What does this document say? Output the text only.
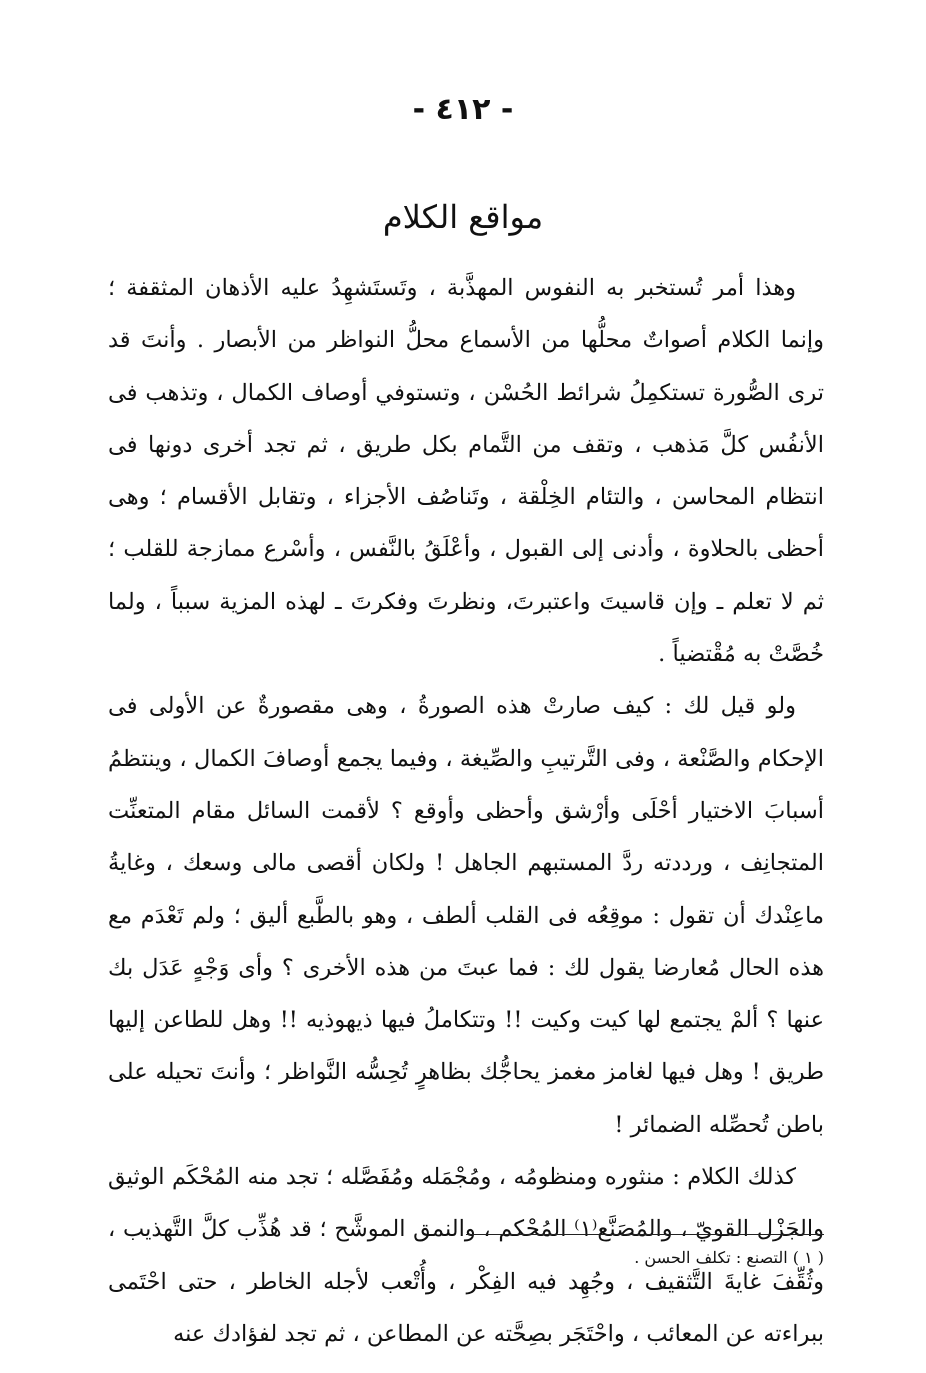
- ٤١٢ -
مواقع الكلام

وهذا أمر تُستخبر به النفوس المهذَّبة ، وتَستَشهِدُ عليه الأذهان المثقفة ؛ وإنما الكلام أصواتٌ محلُّها من الأسماع محلُّ النواظر من الأبصار . وأنتَ قد ترى الصُّورة تستكمِلُ شرائط الحُسْن ، وتستوفي أوصاف الكمال ، وتذهب فى الأنفُس كلَّ مَذهب ، وتقف من التَّمام بكل طريق ، ثم تجد أخرى دونها فى انتظام المحاسن ، والتئام الخِلْقة ، وتَناصُف الأجزاء ، وتقابل الأقسام ؛ وهى أحظى بالحلاوة ، وأدنى إلى القبول ، وأعْلَقُ بالنَّفس ، وأسْرع ممازجة للقلب ؛ ثم لا تعلم ـ وإن قاسيتَ واعتبرتَ، ونظرتَ وفكرتَ ـ لهذه المزية سبباً ، ولما خُصَّتْ به مُقْتضياً .

ولو قيل لك : كيف صارتْ هذه الصورةُ ، وهى مقصورةٌ عن الأولى فى الإحكام والصَّنْعة ، وفى التَّرتيبِ والصِّيغة ، وفيما يجمع أوصافَ الكمال ، وينتظمُ أسبابَ الاختيار أحْلَى وأرْشق وأحظى وأوقع ؟ لأقمت السائل مقام المتعنِّت المتجانِف ، ورددته ردَّ المستبهم الجاهل ! ولكان أقصى مالى وسعك ، وغايةُ ماعِنْدك أن تقول : موقِعُه فى القلب ألطف ، وهو بالطَّبع أليق ؛ ولم تَعْدَم مع هذه الحال مُعارضا يقول لك : فما عبتَ من هذه الأخرى ؟ وأى وَجْهٍ عَدَل بك عنها ؟ ألمْ يجتمع لها كيت وكيت !! وتتكاملُ فيها ذيهوذيه !! وهل للطاعن إليها طريق ! وهل فيها لغامز مغمز يحاجُّك بظاهرٍ تُحِسُّه النَّواظر ؛ وأنتَ تحيله على باطن تُحصِّله الضمائر !

كذلك الكلام : منثوره ومنظومُه ، ومُجْمَله ومُفَصَّله ؛ تجد منه المُحْكَم الوثيق والجَزْل القويّ ، والمُصَنَّع⁽١⁾ المُحْكم ، والنمق الموشَّح ؛ قد هُذِّب كلَّ التَّهذيب ، وثُقِّفَ غايةَ التَّثقيف ، وجُهِد فيه الفِكْر ، وأُتْعب لأجله الخاطر ، حتى احْتَمى ببراءته عن المعائب ، واحْتَجَر بصِحَّته عن المطاعن ، ثم تجد لفؤادك عنه

( ١ ) التصنع : تكلف الحسن .
